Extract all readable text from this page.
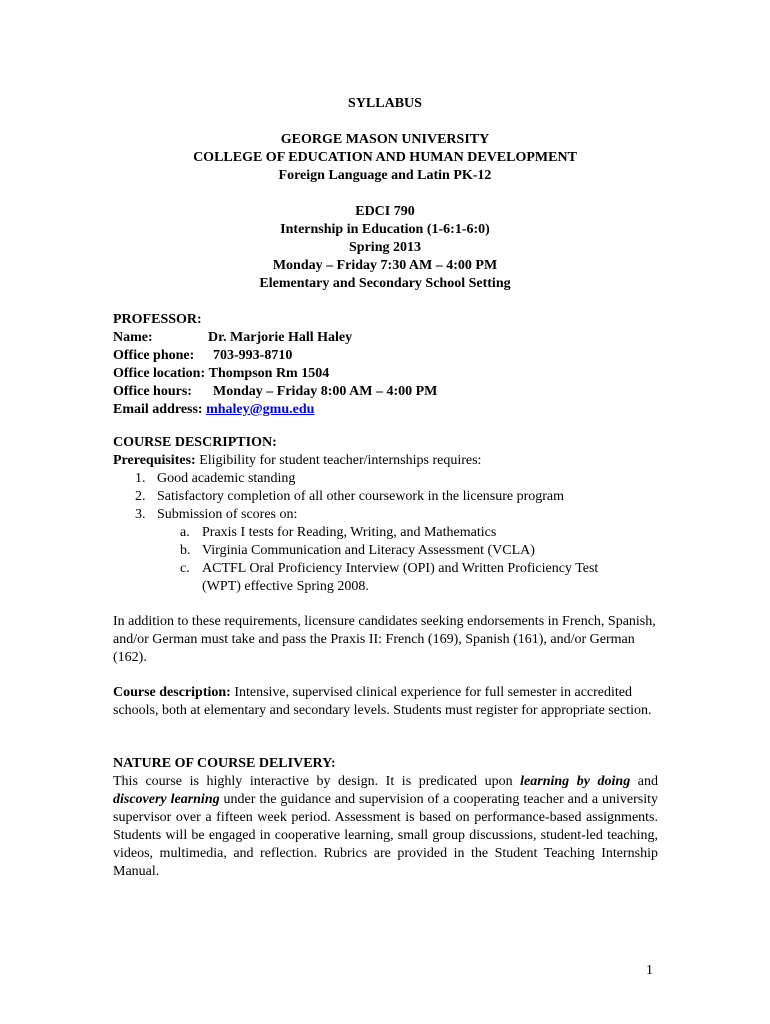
SYLLABUS
GEORGE MASON UNIVERSITY
COLLEGE OF EDUCATION AND HUMAN DEVELOPMENT
Foreign Language and Latin PK-12
EDCI 790
Internship in Education (1-6:1-6:0)
Spring 2013
Monday – Friday 7:30 AM – 4:00 PM
Elementary and Secondary School Setting
PROFESSOR:
Name:	Dr. Marjorie Hall Haley
Office phone: 703-993-8710
Office location: Thompson Rm 1504
Office hours: Monday – Friday 8:00 AM – 4:00 PM
Email address: mhaley@gmu.edu
COURSE DESCRIPTION:
Prerequisites: Eligibility for student teacher/internships requires:
1. Good academic standing
2. Satisfactory completion of all other coursework in the licensure program
3. Submission of scores on:
a. Praxis I tests for Reading, Writing, and Mathematics
b. Virginia Communication and Literacy Assessment (VCLA)
c. ACTFL Oral Proficiency Interview (OPI) and Written Proficiency Test
(WPT) effective Spring 2008.
In addition to these requirements, licensure candidates seeking endorsements in French, Spanish, and/or German must take and pass the Praxis II: French (169), Spanish (161), and/or German (162).
Course description: Intensive, supervised clinical experience for full semester in accredited schools, both at elementary and secondary levels. Students must register for appropriate section.
NATURE OF COURSE DELIVERY:
This course is highly interactive by design. It is predicated upon learning by doing and discovery learning under the guidance and supervision of a cooperating teacher and a university supervisor over a fifteen week period. Assessment is based on performance-based assignments. Students will be engaged in cooperative learning, small group discussions, student-led teaching, videos, multimedia, and reflection. Rubrics are provided in the Student Teaching Internship Manual.
1
